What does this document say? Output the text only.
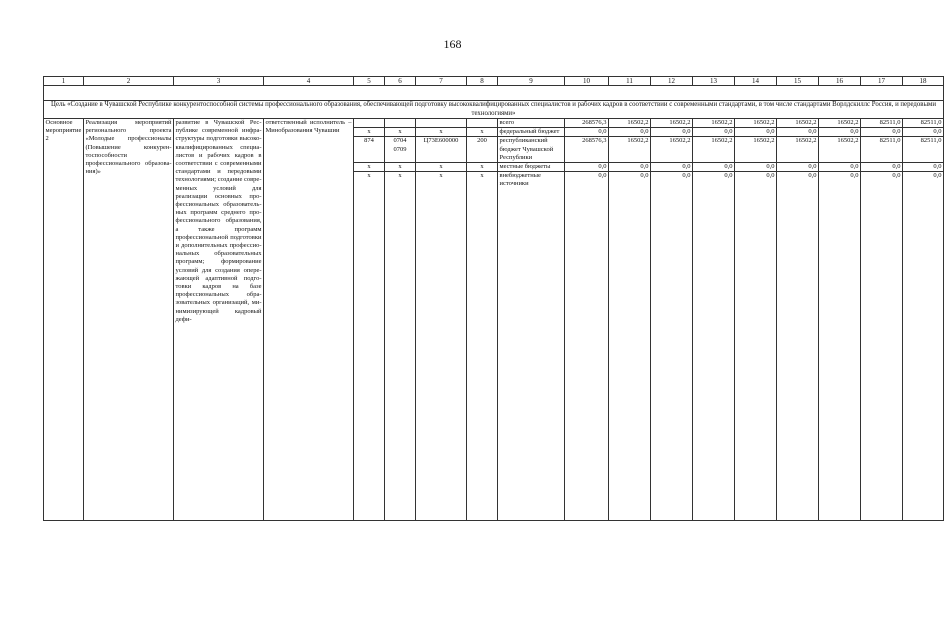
168
1	2	3	4	5	6	7	8	9	10	11	12	13	14	15	16	17	18

Цель «Создание в Чувашской Республике конкурентоспособной системы профессионального образования, обеспечивающей подготовку высококвалифицированных специалистов и рабочих кадров в соответствии с современными стандартами, в том числе стандартами Ворлдскиллс Россия, и передовыми технологиями»																	
Основное мероприятие 2	Реализация мероприятий регионального проекта «Молодые профессионалы (Повышение конкурентоспособности профессионального образования)»	развитие в Чувашской Республике современной инфраструктуры подготовки высококвалифицированных специалистов и рабочих кадров в соответствии с современными стандартами и передовыми технологиями; создание современных условий для реализации основных профессиональных образовательных программ среднего профессионального образования, а также программ профессиональной подготовки и дополнительных профессиональных образовательных программ; формирование условий для создания опережающей адаптивной подготовки кадров на базе профессиональных образовательных организаций, минимизирующей кадровый дефи-	ответственный исполнитель – Минобразования Чувашии					всего	268576,3	16502,2	16502,2	16502,2	16502,2	16502,2	16502,2	82511,0	82511,0
				х	х	х	х	федеральный бюджет	0,0	0,0	0,0	0,0	0,0	0,0	0,0	0,0	0,0
				874	0704 0709	Ц73Е600000	200	республиканский бюджет Чувашской Республики	268576,3	16502,2	16502,2	16502,2	16502,2	16502,2	16502,2	82511,0	82511,0
				х	х	х	х	местные бюджеты	0,0	0,0	0,0	0,0	0,0	0,0	0,0	0,0	0,0
				х	х	х	х	внебюджетные источники	0,0	0,0	0,0	0,0	0,0	0,0	0,0	0,0	0,0
